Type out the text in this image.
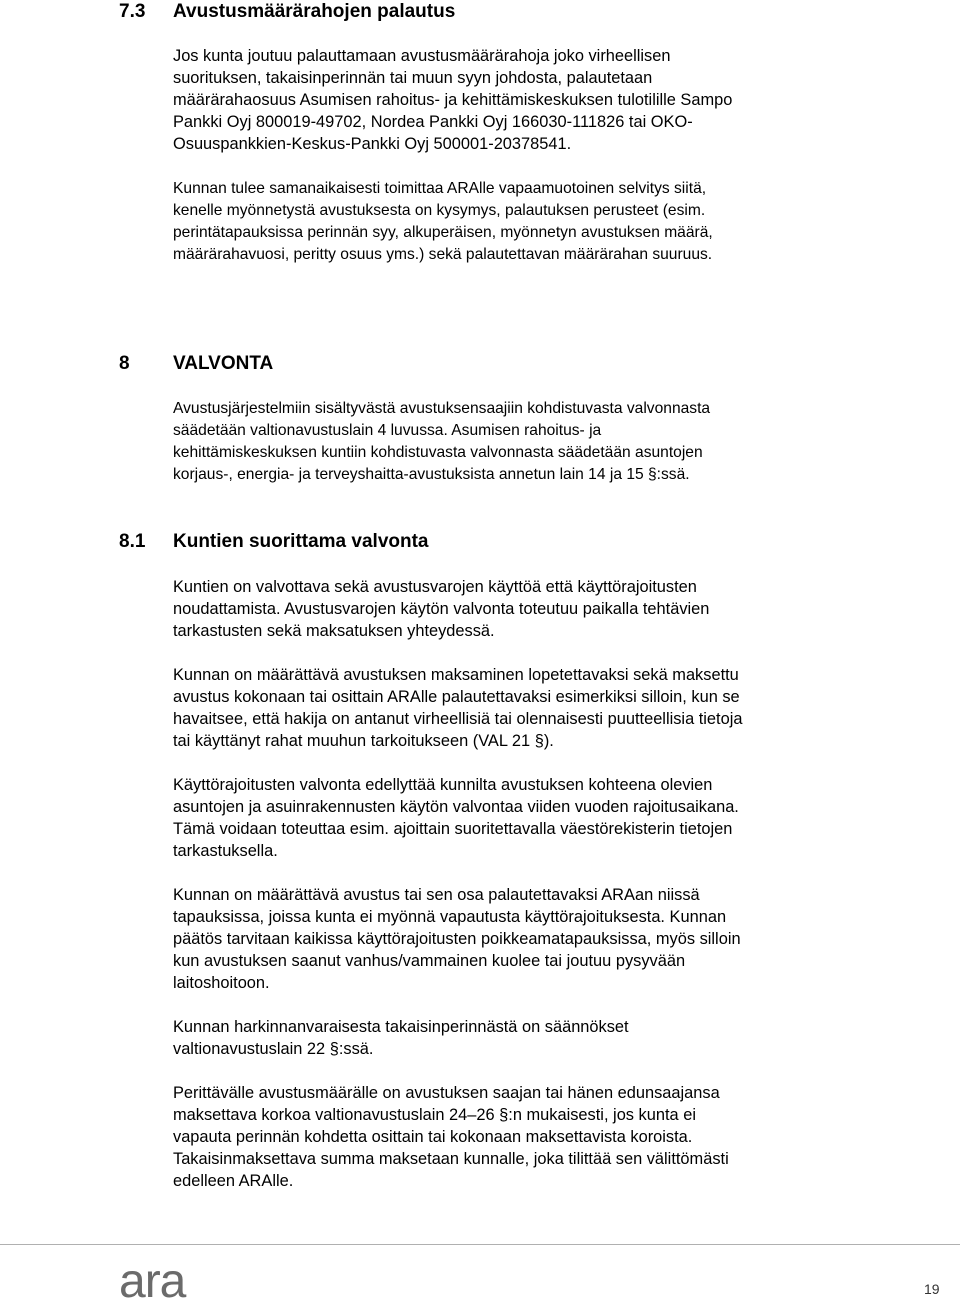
7.3 Avustusmäärärahojen palautus
Jos kunta joutuu palauttamaan avustusmäärärahoja joko virheellisen
suorituksen, takaisinperinnän tai muun syyn johdosta, palautetaan
määrärahaosuus Asumisen rahoitus- ja kehittämiskeskuksen tulotilille Sampo
Pankki Oyj 800019-49702, Nordea Pankki Oyj 166030-111826 tai OKO-
Osuuspankkien-Keskus-Pankki Oyj 500001-20378541.
Kunnan tulee samanaikaisesti toimittaa ARAlle vapaamuotoinen selvitys siitä,
kenelle myönnetystä avustuksesta on kysymys, palautuksen perusteet (esim.
perintätapauksissa perinnän syy, alkuperäisen, myönnetyn avustuksen määrä,
määrärahavuosi, peritty osuus yms.) sekä palautettavan määrärahan suuruus.
8 VALVONTA
Avustusjärjestelmiin sisältyvästä avustuksensaajiin kohdistuvasta valvonnasta
säädetään valtionavustuslain 4 luvussa. Asumisen rahoitus- ja
kehittämiskeskuksen kuntiin kohdistuvasta valvonnasta säädetään asuntojen
korjaus-, energia- ja terveyshaitta-avustuksista annetun lain 14 ja 15 §:ssä.
8.1 Kuntien suorittama valvonta
Kuntien on valvottava sekä avustusvarojen käyttöä että käyttörajoitusten
noudattamista. Avustusvarojen käytön valvonta toteutuu paikalla tehtävien
tarkastusten sekä maksatuksen yhteydessä.
Kunnan on määrättävä avustuksen maksaminen lopetettavaksi sekä maksettu
avustus kokonaan tai osittain ARAlle palautettavaksi esimerkiksi silloin, kun se
havaitsee, että hakija on antanut virheellisiä tai olennaisesti puutteellisia tietoja
tai käyttänyt rahat muuhun tarkoitukseen (VAL 21 §).
Käyttörajoitusten valvonta edellyttää kunnilta avustuksen kohteena olevien
asuntojen ja asuinrakennusten käytön valvontaa viiden vuoden rajoitusaikana.
Tämä voidaan toteuttaa esim. ajoittain suoritettavalla väestörekisterin tietojen
tarkastuksella.
Kunnan on määrättävä avustus tai sen osa palautettavaksi ARAan niissä
tapauksissa, joissa kunta ei myönnä vapautusta käyttörajoituksesta. Kunnan
päätös tarvitaan kaikissa käyttörajoitusten poikkeamatapauksissa, myös silloin
kun avustuksen saanut vanhus/vammainen kuolee tai joutuu pysyvään
laitoshoitoon.
Kunnan harkinnanvaraisesta takaisinperinnästä on säännökset
valtionavustuslain 22 §:ssä.
Perittävälle avustusmäärälle on avustuksen saajan tai hänen edunsaajansa
maksettava korkoa valtionavustuslain 24–26 §:n mukaisesti, jos kunta ei
vapauta perinnän kohdetta osittain tai kokonaan maksettavista koroista.
Takaisinmaksettava summa maksetaan kunnalle, joka tilittää sen välittömästi
edelleen ARAlle.
ara	19
